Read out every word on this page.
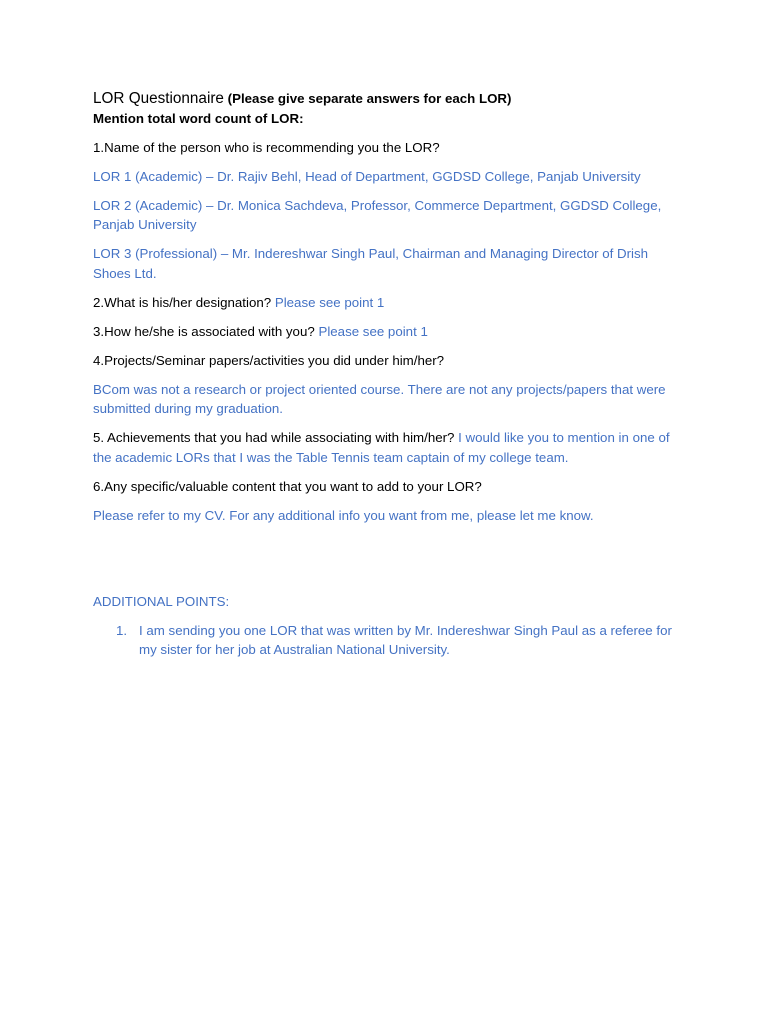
LOR Questionnaire (Please give separate answers for each LOR)

Mention total word count of LOR:

1.Name of the person who is recommending you the LOR?

LOR 1 (Academic) – Dr. Rajiv Behl, Head of Department, GGDSD College, Panjab University

LOR 2 (Academic) – Dr. Monica Sachdeva, Professor, Commerce Department, GGDSD College, Panjab University

LOR 3 (Professional) – Mr. Indereshwar Singh Paul, Chairman and Managing Director of Drish Shoes Ltd.

2.What is his/her designation? Please see point 1

3.How he/she is associated with you? Please see point 1

4.Projects/Seminar papers/activities you did under him/her?

BCom was not a research or project oriented course. There are not any projects/papers that were submitted during my graduation.

5. Achievements that you had while associating with him/her? I would like you to mention in one of the academic LORs that I was the Table Tennis team captain of my college team.

6.Any specific/valuable content that you want to add to your LOR?

Please refer to my CV. For any additional info you want from me, please let me know.

ADDITIONAL POINTS:

1. I am sending you one LOR that was written by Mr. Indereshwar Singh Paul as a referee for my sister for her job at Australian National University.
